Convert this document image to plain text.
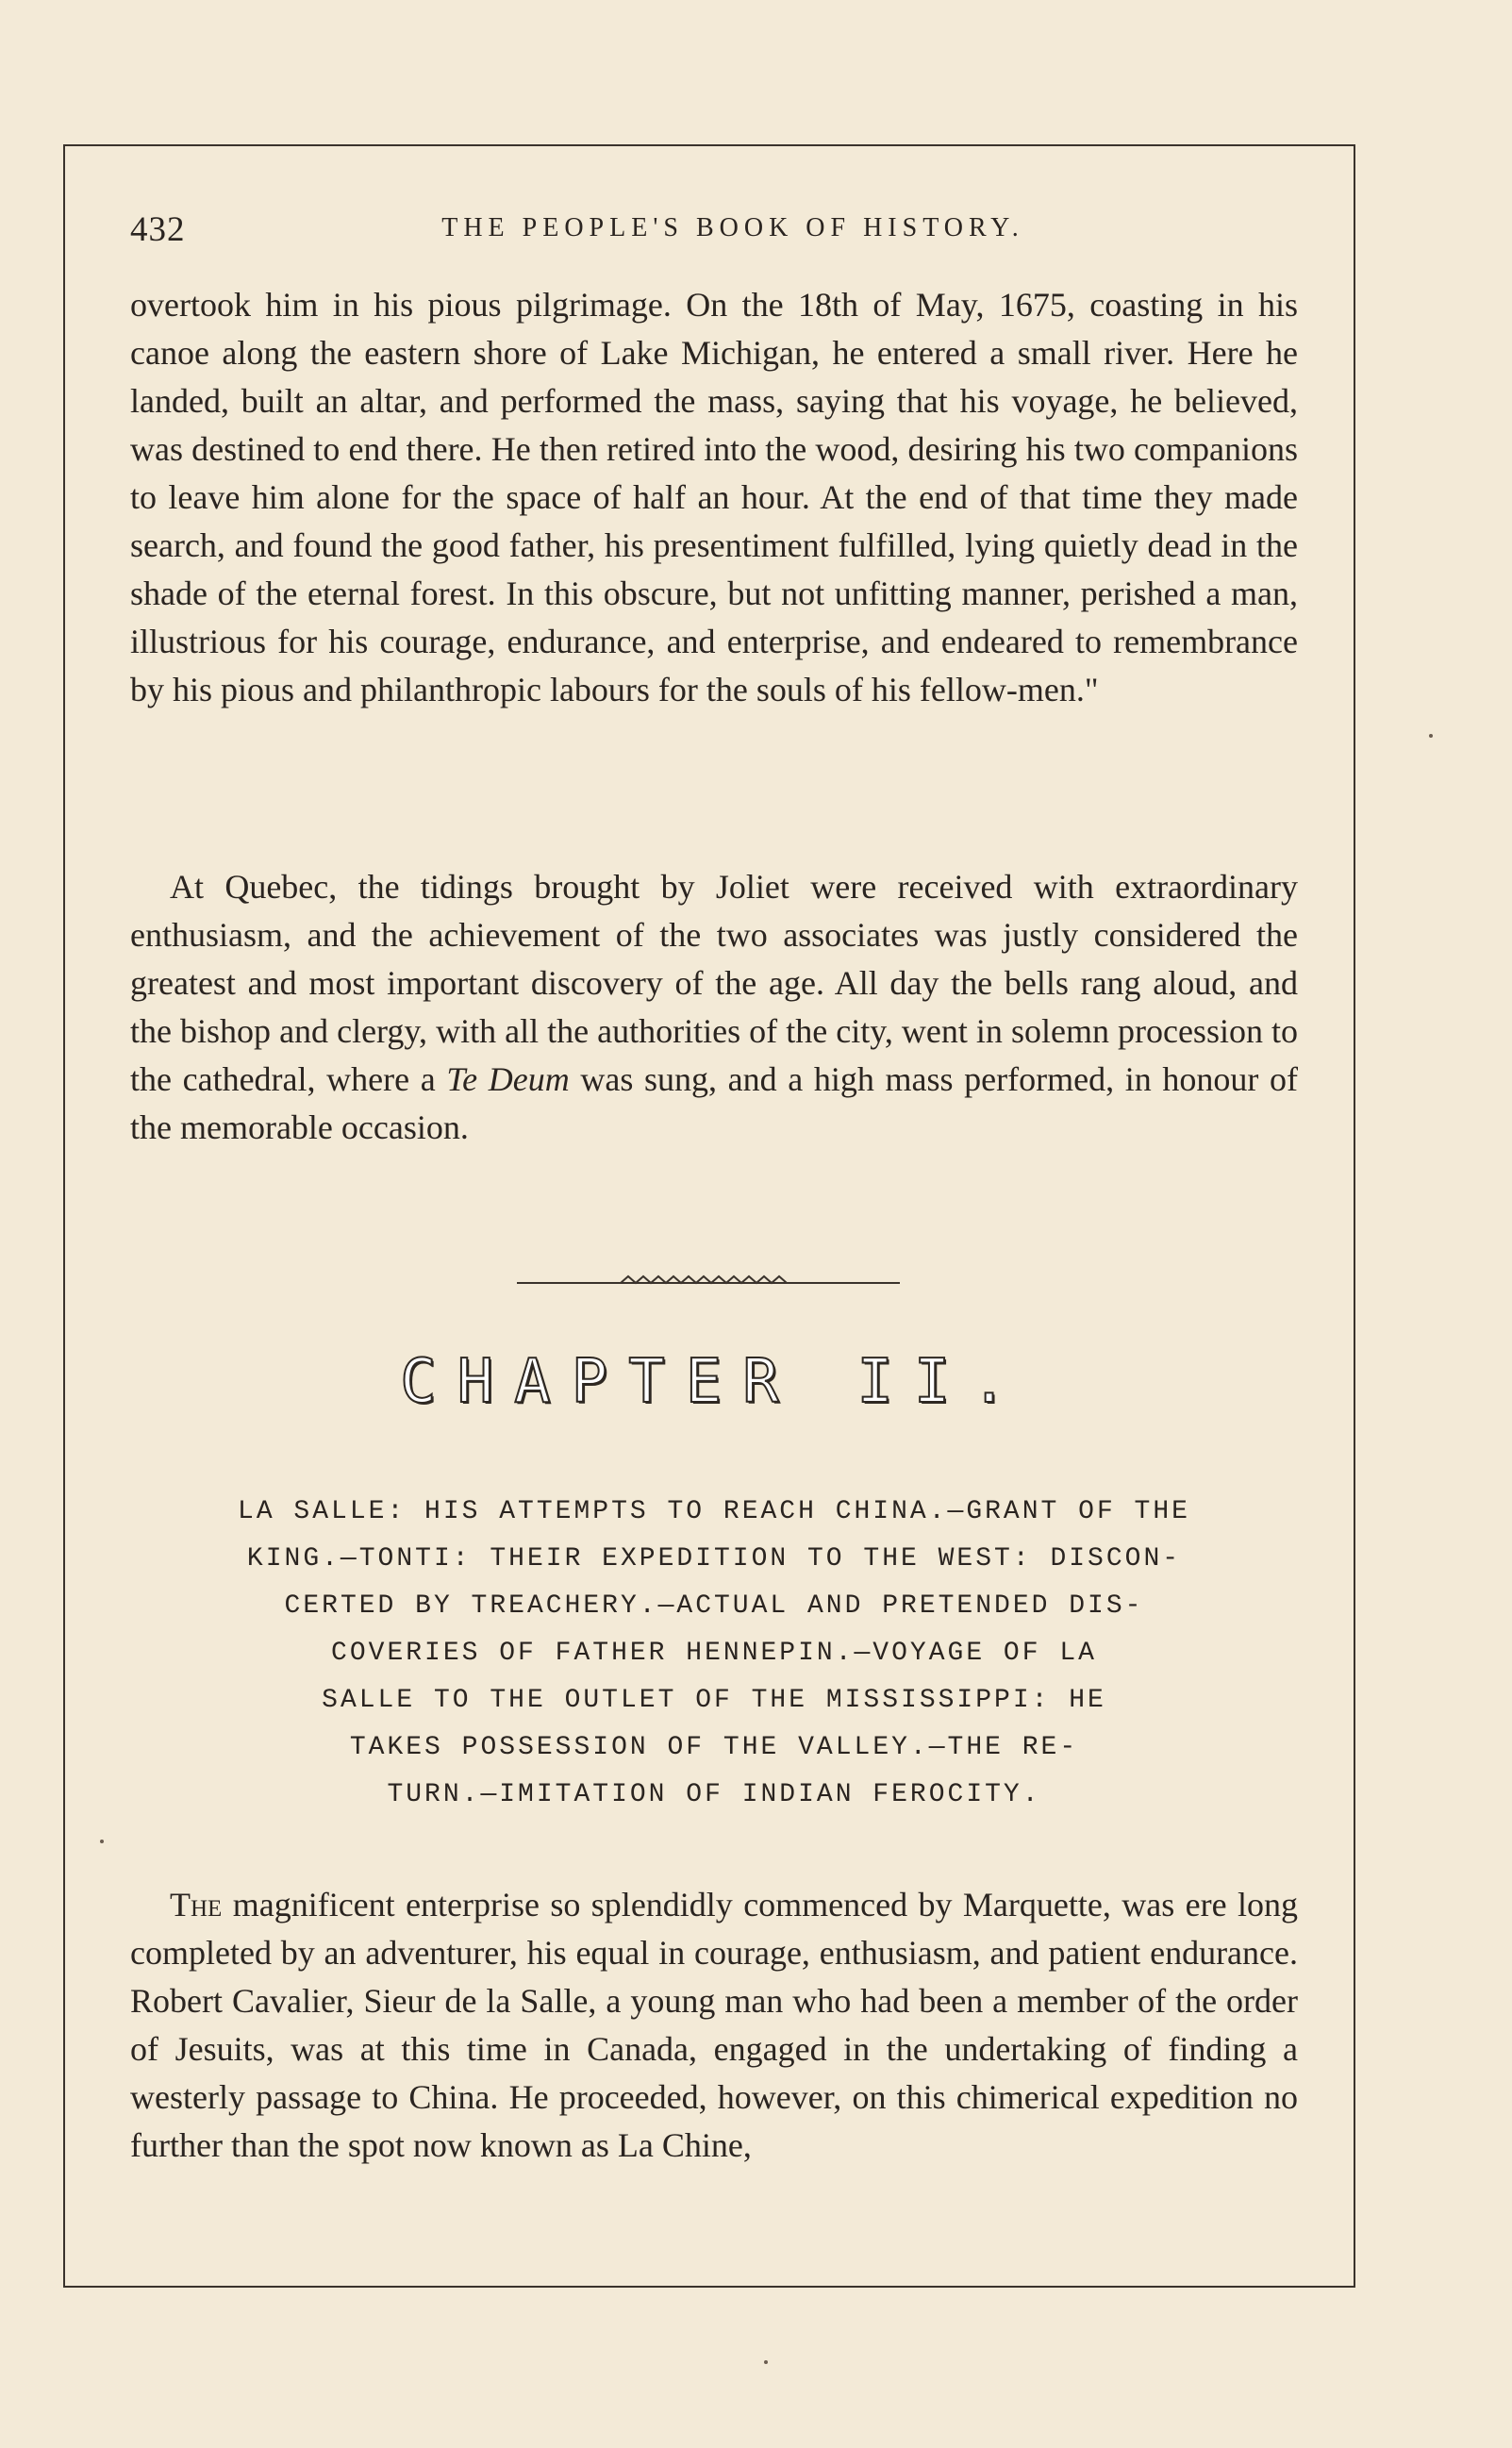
432	THE PEOPLE'S BOOK OF HISTORY.

overtook him in his pious pilgrimage. On the 18th of May, 1675, coasting in his canoe along the eastern shore of Lake Michigan, he entered a small river. Here he landed, built an altar, and performed the mass, saying that his voyage, he believed, was destined to end there. He then retired into the wood, desiring his two companions to leave him alone for the space of half an hour. At the end of that time they made search, and found the good father, his presentiment fulfilled, lying quietly dead in the shade of the eternal forest. In this obscure, but not unfitting manner, perished a man, illustrious for his courage, endurance, and enterprise, and endeared to remembrance by his pious and philanthropic labours for the souls of his fellow-men."

At Quebec, the tidings brought by Joliet were received with extraordinary enthusiasm, and the achievement of the two associates was justly considered the greatest and most important discovery of the age. All day the bells rang aloud, and the bishop and clergy, with all the authorities of the city, went in solemn procession to the cathedral, where a Te Deum was sung, and a high mass performed, in honour of the memorable occasion.

CHAPTER II.
LA SALLE: HIS ATTEMPTS TO REACH CHINA.—GRANT OF THE
KING.—TONTI: THEIR EXPEDITION TO THE WEST: DISCON-
CERTED BY TREACHERY.—ACTUAL AND PRETENDED DIS-
COVERIES OF FATHER HENNEPIN.—VOYAGE OF LA
SALLE TO THE OUTLET OF THE MISSISSIPPI: HE
TAKES POSSESSION OF THE VALLEY.—THE RE-
TURN.—IMITATION OF INDIAN FEROCITY.

The magnificent enterprise so splendidly commenced by Marquette, was ere long completed by an adventurer, his equal in courage, enthusiasm, and patient endurance. Robert Cavalier, Sieur de la Salle, a young man who had been a member of the order of Jesuits, was at this time in Canada, engaged in the undertaking of finding a westerly passage to China. He proceeded, however, on this chimerical expedition no further than the spot now known as La Chine,
